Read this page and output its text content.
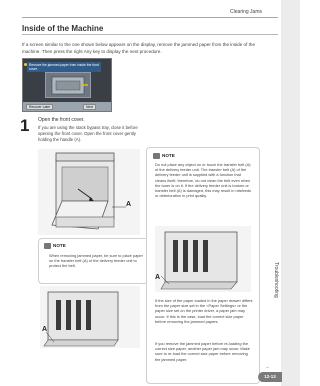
Clearing Jams
Inside of the Machine
If a screen similar to the one shown below appears on the display, remove the jammed paper from the inside of the machine. Then press the right Any key to display the next procedure.
Remove the jammed paper from inside the front cover.
Recover Later	Next
1 Open the front cover.
If you are using the stack bypass tray, close it before opening the front cover. Open the front cover gently holding the handle (A).
A
NOTE
When removing jammed paper, be sure to place paper on the transfer belt (A) of the delivery feeder unit to protect the belt.
A
NOTE
Do not place any object on or touch the transfer belt (A) of the delivery feeder unit. The transfer belt (A) of the delivery feeder unit is supplied with a function that cleans itself, therefore, do not clean the belt even when the toner is on it. If the delivery feeder unit is broken or transfer belt (A) is damaged, this may result in misfeeds or deterioration in print quality.
A
If the size of the paper loaded in the paper drawer differs from the paper size set in the <Paper Settings> or the paper size set on the printer driver, a paper jam may occur. If this is the case, load the correct size paper before removing the jammed papers.
If you remove the jammed paper before re-loading the correct size paper, another paper jam may occur. Make sure to re-load the correct size paper before removing the jammed paper.
Troubleshooting
→
12-13
